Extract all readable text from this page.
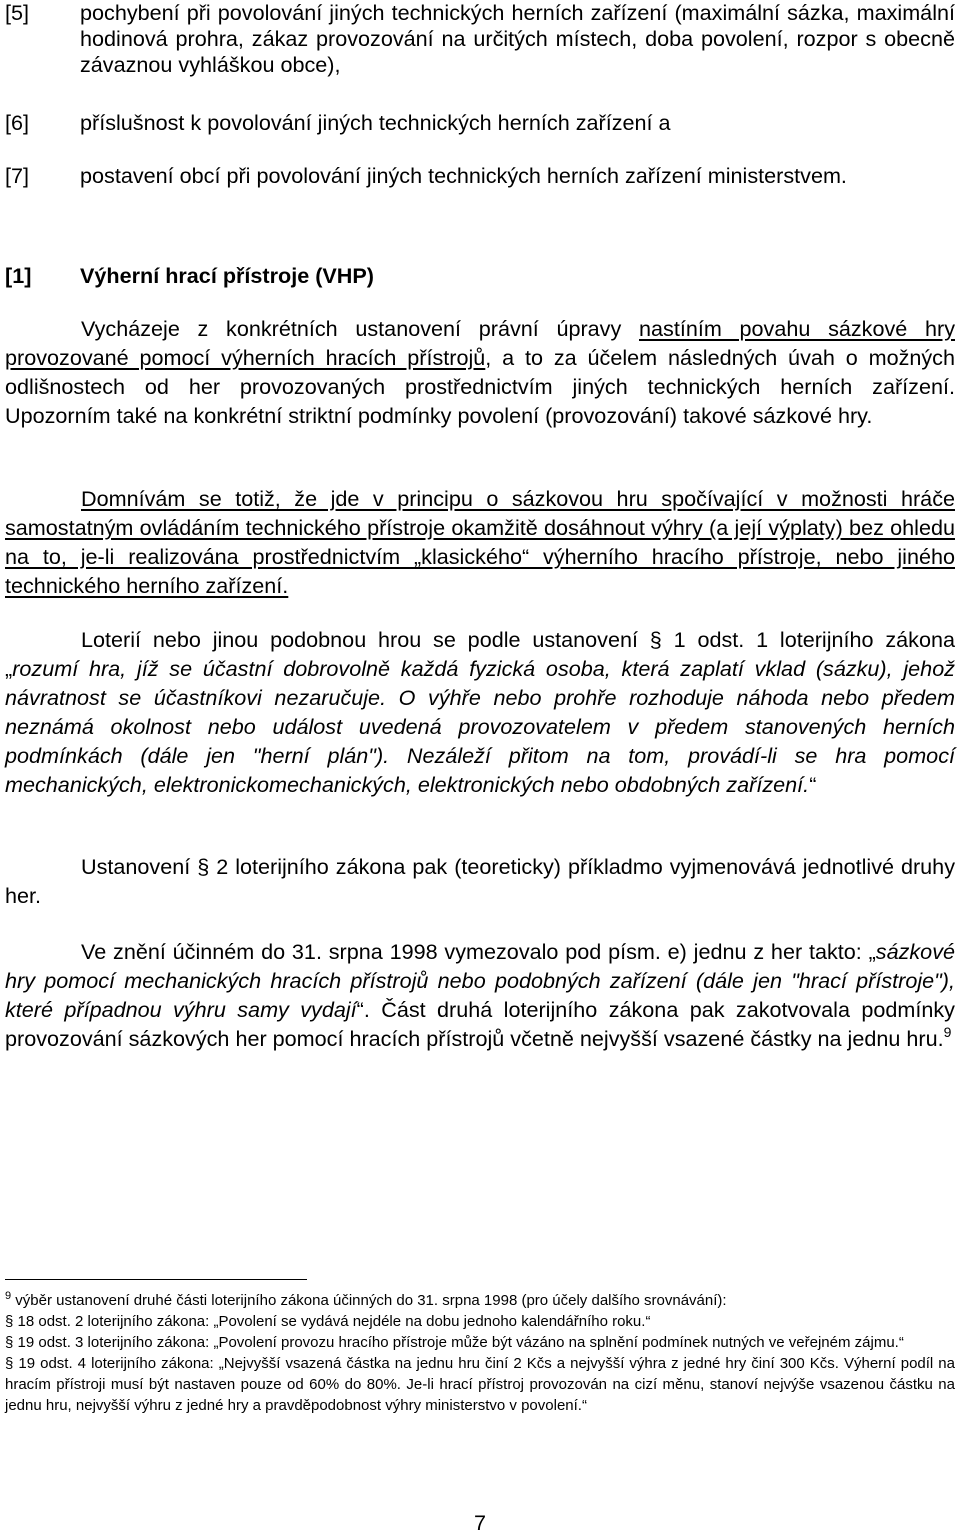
[5]	pochybení při povolování jiných technických herních zařízení (maximální sázka, maximální hodinová prohra, zákaz provozování na určitých místech, doba povolení, rozpor s obecně závaznou vyhláškou obce),
[6]	příslušnost k povolování jiných technických herních zařízení a
[7]	postavení obcí při povolování jiných technických herních zařízení ministerstvem.
[1]	Výherní hrací přístroje (VHP)

Vycházeje z konkrétních ustanovení právní úpravy nastíním povahu sázkové hry provozované pomocí výherních hracích přístrojů, a to za účelem následných úvah o možných odlišnostech od her provozovaných prostřednictvím jiných technických herních zařízení. Upozorním také na konkrétní striktní podmínky povolení (provozování) takové sázkové hry.

Domnívám se totiž, že jde v principu o sázkovou hru spočívající v možnosti hráče samostatným ovládáním technického přístroje okamžitě dosáhnout výhry (a její výplaty) bez ohledu na to, je-li realizována prostřednictvím „klasického“ výherního hracího přístroje, nebo jiného technického herního zařízení.

Loterií nebo jinou podobnou hrou se podle ustanovení § 1 odst. 1 loterijního zákona „rozumí hra, jíž se účastní dobrovolně každá fyzická osoba, která zaplatí vklad (sázku), jehož návratnost se účastníkovi nezaručuje. O výhře nebo prohře rozhoduje náhoda nebo předem neznámá okolnost nebo událost uvedená provozovatelem v předem stanovených herních podmínkách (dále jen "herní plán"). Nezáleží přitom na tom, provádí-li se hra pomocí mechanických, elektronickomechanických, elektronických nebo obdobných zařízení.“

Ustanovení § 2 loterijního zákona pak (teoreticky) příkladmo vyjmenovává jednotlivé druhy her.

Ve znění účinném do 31. srpna 1998 vymezovalo pod písm. e) jednu z her takto: „sázkové hry pomocí mechanických hracích přístrojů nebo podobných zařízení (dále jen "hrací přístroje"), které případnou výhru samy vydají“. Část druhá loterijního zákona pak zakotvovala podmínky provozování sázkových her pomocí hracích přístrojů včetně nejvyšší vsazené částky na jednu hru.$^9$

$^9$ výběr ustanovení druhé části loterijního zákona účinných do 31. srpna 1998 (pro účely dalšího srovnávání):

§ 18 odst. 2 loterijního zákona: „Povolení se vydává nejdéle na dobu jednoho kalendářního roku.“

§ 19 odst. 3 loterijního zákona: „Povolení provozu hracího přístroje může být vázáno na splnění podmínek nutných ve veřejném zájmu.“

§ 19 odst. 4 loterijního zákona: „Nejvyšší vsazená částka na jednu hru činí 2 Kčs a nejvyšší výhra z jedné hry činí 300 Kčs. Výherní podíl na hracím přístroji musí být nastaven pouze od 60% do 80%. Je-li hrací přístroj provozován na cizí měnu, stanoví nejvýše vsazenou částku na jednu hru, nejvyšší výhru z jedné hry a pravděpodobnost výhry ministerstvo v povolení.“

7
